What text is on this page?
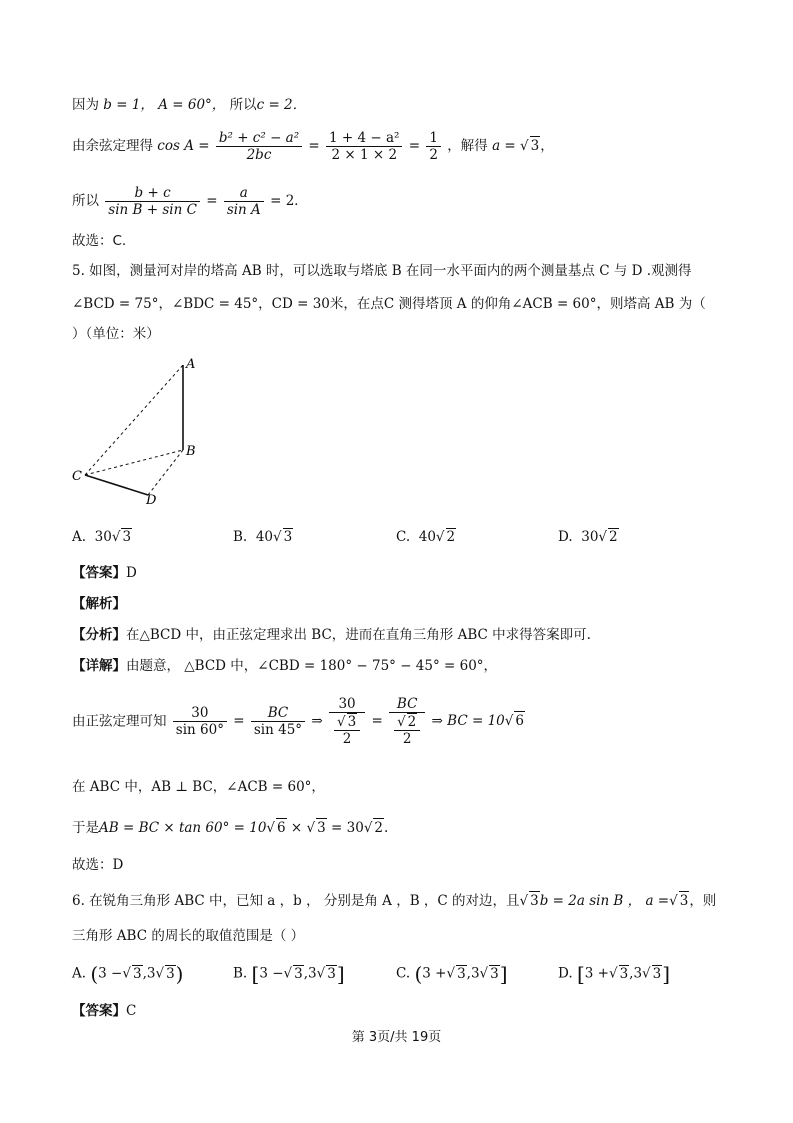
因为 b = 1， A = 60°， 所以c = 2．
由余弦定理得 $\cos A = \frac{\text{b² + c² − a²}}{2bc} = \frac{\text{1 + 4 − a²}}{2 \times 1 \times 2} = \frac{1}{2}$ ，解得 a = √ 3，
所以 $\frac{b + c}{\text{sin B + sin C}} = \frac{a}{\text{sin A}} = 2$．
故选：C.
5. 如图，测量河对岸的塔高 AB 时，可以选取与塔底 B 在同一水平面内的两个测量基点 C 与 D .观测得
∠BCD = 75°，∠BDC = 45°，CD = 30米，在点C 测得塔顶 A 的仰角∠ACB = 60°，则塔高 AB 为（
）（单位：米）
A
B
C
D
A. 30√ 3	B. 40√ 3	C. 40√ 2	D. 30√ 2
【答案】D
【解析】
【分析】在△BCD 中，由正弦定理求出 BC，进而在直角三角形 ABC 中求得答案即可.
【详解】由题意， △BCD 中，∠CBD = 180° − 75° − 45° = 60°，
由正弦定理可知 $\frac{30}{\sin 60^\circ} = \frac{BC}{\sin 45^\circ}$ ⇒ $\frac{30}{\frac{√ 3}{2}} = \frac{BC}{\frac{√ 2}{2}}$ ⇒ BC = 10√ 6
在 ABC 中，AB ⊥ BC，∠ACB = 60°，
于是AB = BC × tan 60° = 10√ 6 × √ 3 = 30√ 2.
故选：D
6. 在锐角三角形 ABC 中，已知 a ，b ， 分别是角 A ，B ，C 的对边，且√ 3b = 2a sin B ， a =√ 3，则
三角形 ABC 的周长的取值范围是（ ）
A. (3 −√ 3,3√ 3)	B. [3 −√ 3,3√ 3]	C. (3 +√ 3,3√ 3]	D. [3 +√ 3,3√ 3]
【答案】C
第 3页/共 19页
